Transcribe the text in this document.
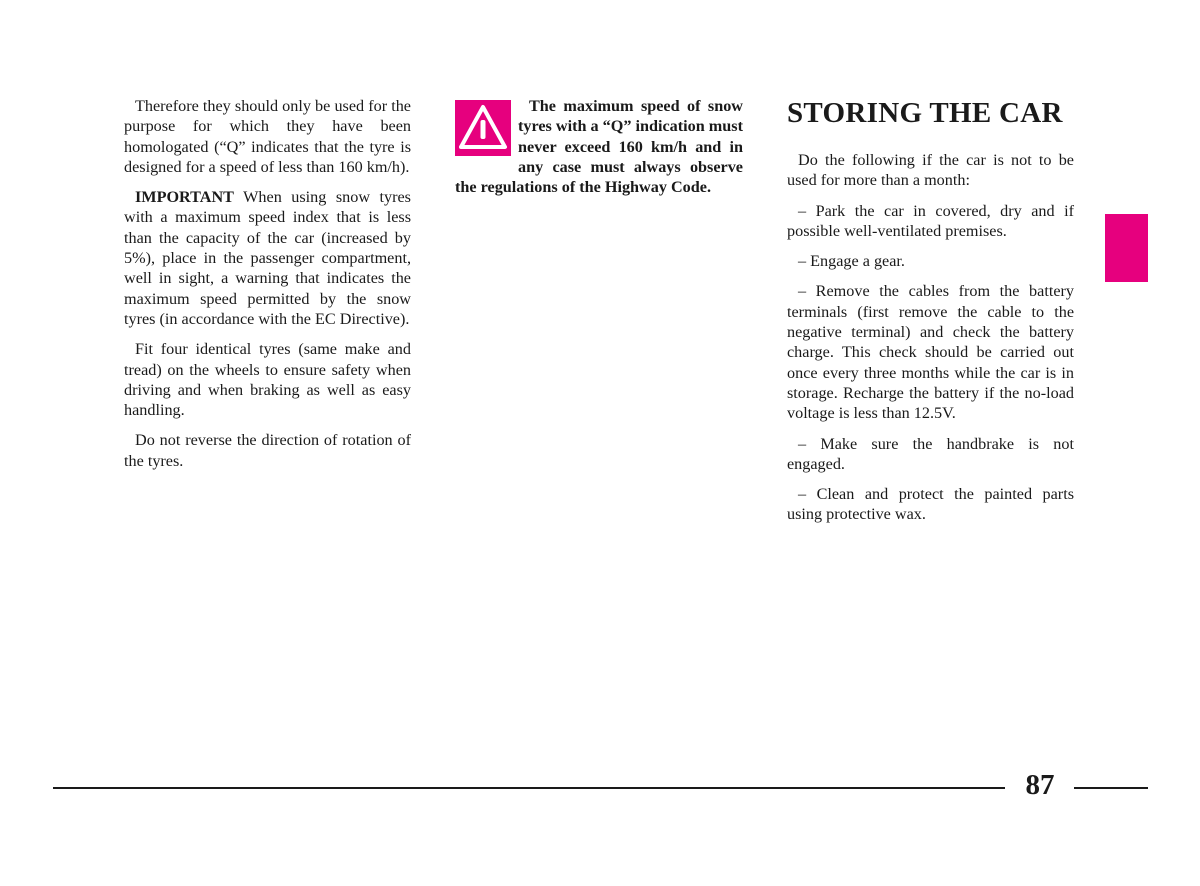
Therefore they should only be used for the purpose for which they have been homologated (“Q” indicates that the tyre is designed for a speed of less than 160 km/h).

IMPORTANT When using snow tyres with a maximum speed index that is less than the capacity of the car (increased by 5%), place in the passenger compartment, well in sight, a warning that indicates the maximum speed permitted by the snow tyres (in accordance with the EC Directive).

Fit four identical tyres (same make and tread) on the wheels to ensure safety when driving and when braking as well as easy handling.

Do not reverse the direction of rotation of the tyres.

The maximum speed of snow tyres with a “Q” indication must never exceed 160 km/h and in any case must always observe the regulations of the Highway Code.

STORING THE CAR

Do the following if the car is not to be used for more than a month:

– Park the car in covered, dry and if possible well-ventilated premises.

– Engage a gear.

– Remove the cables from the battery terminals (first remove the cable to the negative terminal) and check the battery charge. This check should be carried out once every three months while the car is in storage. Recharge the battery if the no-load voltage is less than 12.5V.

– Make sure the handbrake is not engaged.

– Clean and protect the painted parts using protective wax.

87
